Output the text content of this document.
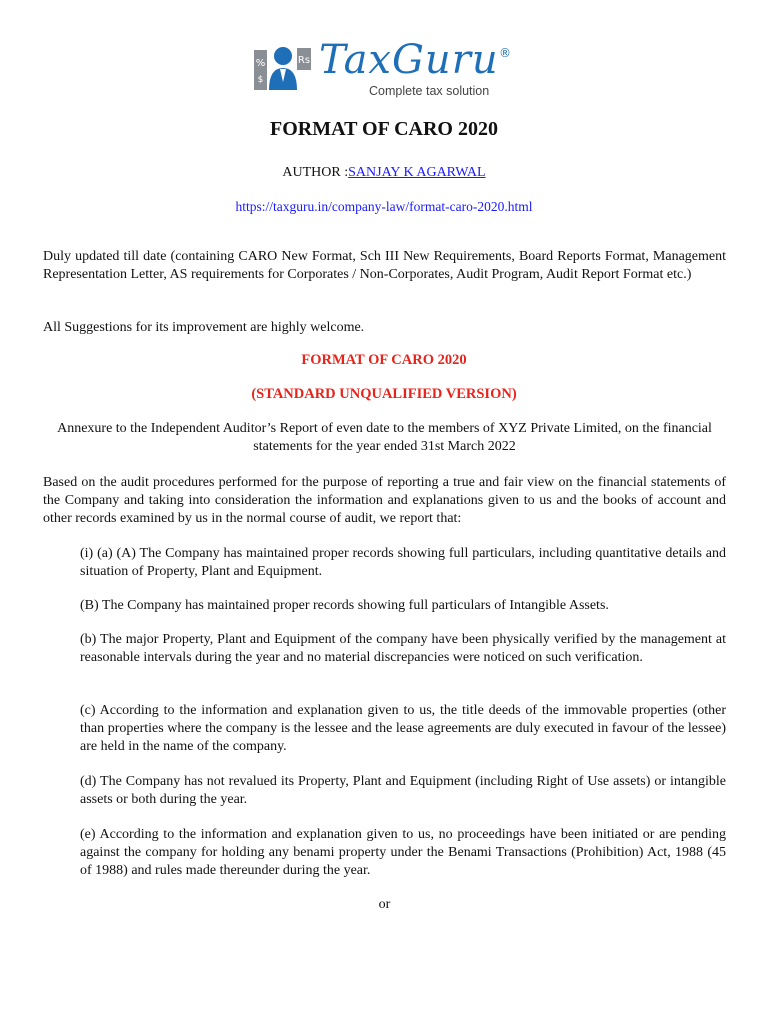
%
$
Rs TaxGuru ®
Complete tax solution
FORMAT OF CARO 2020
AUTHOR :SANJAY K AGARWAL
https://taxguru.in/company-law/format-caro-2020.html
Duly updated till date (containing CARO New Format, Sch III New Requirements, Board Reports Format, Management Representation Letter, AS requirements for Corporates / Non-Corporates, Audit Program, Audit Report Format etc.)
All Suggestions for its improvement are highly welcome.
FORMAT OF CARO 2020
(STANDARD UNQUALIFIED VERSION)
Annexure to the Independent Auditor’s Report of even date to the members of XYZ Private Limited, on the financial statements for the year ended 31st March 2022
Based on the audit procedures performed for the purpose of reporting a true and fair view on the financial statements of the Company and taking into consideration the information and explanations given to us and the books of account and other records examined by us in the normal course of audit, we report that:
(i) (a) (A) The Company has maintained proper records showing full particulars, including quantitative details and situation of Property, Plant and Equipment.
(B) The Company has maintained proper records showing full particulars of Intangible Assets.
(b) The major Property, Plant and Equipment of the company have been physically verified by the management at reasonable intervals during the year and no material discrepancies were noticed on such verification.
(c) According to the information and explanation given to us, the title deeds of the immovable properties (other than properties where the company is the lessee and the lease agreements are duly executed in favour of the lessee) are held in the name of the company.
(d) The Company has not revalued its Property, Plant and Equipment (including Right of Use assets) or intangible assets or both during the year.
(e) According to the information and explanation given to us, no proceedings have been initiated or are pending against the company for holding any benami property under the Benami Transactions (Prohibition) Act, 1988 (45 of 1988) and rules made thereunder during the year.
or
